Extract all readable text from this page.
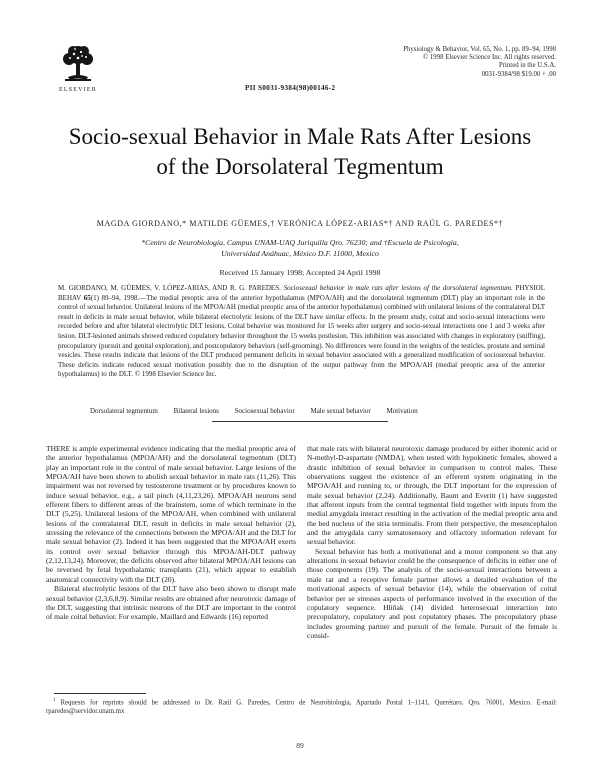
ELSEVIER
Physiology & Behavior, Vol. 65, No. 1, pp. 89–94, 1998
© 1998 Elsevier Science Inc. All rights reserved.
Printed in the U.S.A.
0031-9384/98 $19.00 + .00
PII S0031-9384(98)00146-2
Socio-sexual Behavior in Male Rats After Lesions
of the Dorsolateral Tegmentum
MAGDA GIORDANO,* MATILDE GÜEMES,† VERÓNICA LÓPEZ-ARIAS*† AND RAÚL G. PAREDES*†
*Centro de Neurobiología, Campus UNAM-UAQ Juriquilla Qro. 76230; and †Escuela de Psicología,
Universidad Anáhuac, México D.F. 11000, Mexico
Received 15 January 1998; Accepted 24 April 1998

M. GIORDANO, M. GÜEMES, V. LÓPEZ-ARIAS, AND R. G. PAREDES. Sociosexual behavior in male rats after lesions of the dorsolateral tegmentum. PHYSIOL BEHAV 65(1) 89–94, 1998.—The medial preoptic area of the anterior hypothalamus (MPOA/AH) and the dorsolateral tegmentum (DLT) play an important role in the control of sexual behavior. Unilateral lesions of the MPOA/AH (medial preoptic area of the anterior hypothalamus) combined with unilateral lesions of the contralateral DLT result in deficits in male sexual behavior, while bilateral electrolytic lesions of the DLT have similar effects. In the present study, coital and socio-sexual interactions were recorded before and after bilateral electrolytic DLT lesions. Coital behavior was monitored for 15 weeks after surgery and socio-sexual interactions one 1 and 3 weeks after lesion. DLT-lesioned animals showed reduced copulatory behavior throughout the 15 weeks postlesion. This inhibition was associated with changes in exploratory (sniffing), precopulatory (pursuit and genital exploration), and postcopulatory behaviors (self-grooming). No differences were found in the weights of the testicles, prostate and seminal vesicles. These results indicate that lesions of the DLT produced permanent deficits in sexual behavior associated with a generalized modification of sociosexual behavior. These deficits indicate reduced sexual motivation possibly due to the disruption of the output pathway from the MPOA/AH (medial preoptic area of the anterior hypothalamus) to the DLT. © 1998 Elsevier Science Inc.

Dorsolateral tegmentum Bilateral lesions Sociosexual behavior Male sexual behavior Motivation

THERE is ample experimental evidence indicating that the medial preoptic area of the anterior hypothalamus (MPOA/AH) and the dorsolateral tegmentum (DLT) play an important role in the control of male sexual behavior. Large lesions of the MPOA/AH have been shown to abolish sexual behavior in male rats (11,26). This impairment was not reversed by testosterone treatment or by procedures known to induce sexual behavior, e.g., a tail pinch (4,11,23,26). MPOA/AH neurons send efferent fibers to different areas of the brainstem, some of which terminate in the DLT (5,25). Unilateral lesions of the MPOA/AH, when combined with unilateral lesions of the contralateral DLT, result in deficits in male sexual behavior (2), stressing the relevance of the connections between the MPOA/AH and the DLT for male sexual behavior (2). Indeed it has been suggested that the MPOA/AH exerts its control over sexual behavior through this MPOA/AH-DLT pathway (2,12,13,24). Moreover, the deficits observed after bilateral MPOA/AH lesions can be reversed by fetal hypothalamic transplants (21), which appear to establish anatomical connectivity with the DLT (20).

Bilateral electrolytic lesions of the DLT have also been shown to disrupt male sexual behavior (2,3,6,8,9). Similar results are obtained after neurotoxic damage of the DLT, suggesting that intrinsic neurons of the DLT are important in the control of male coital behavior. For example, Maillard and Edwards (16) reported

that male rats with bilateral neurotoxic damage produced by either ibotenic acid or N-methyl-D-aspartate (NMDA), when tested with hypokinetic females, showed a drastic inhibition of sexual behavior in comparison to control males. These observations suggest the existence of an efferent system originating in the MPOA/AH and running to, or through, the DLT important for the expression of male sexual behavior (2,24). Additionally, Baum and Everitt (1) have suggested that afferent inputs from the central tegmental field together with inputs from the medial amygdala interact resulting in the activation of the medial preoptic area and the bed nucleus of the stria terminalis. From their perspective, the mesencephalon and the amygdala carry somatosensory and olfactory information relevant for sexual behavior.

Sexual behavior has both a motivational and a motor component so that any alterations in sexual behavior could be the consequence of deficits in either one of those components (19). The analysis of the socio-sexual interactions between a male rat and a receptive female partner allows a detailed evaluation of the motivational aspects of sexual behavior (14), while the observation of coital behavior per se stresses aspects of performance involved in the execution of the copulatory sequence. Hliňak (14) divided heterosexual interaction into precopulatory, copulatory and post copulatory phases. The precopulatory phase includes grooming partner and pursuit of the female. Pursuit of the female is consid-

$^1$ Requests for reprints should be addressed to Dr. Raúl G. Paredes, Centro de Neurobiología, Apartado Postal 1–1141, Querétaro, Qro. 76001, Mexico. E-mail: rparedes@servidor.unam.mx

89
